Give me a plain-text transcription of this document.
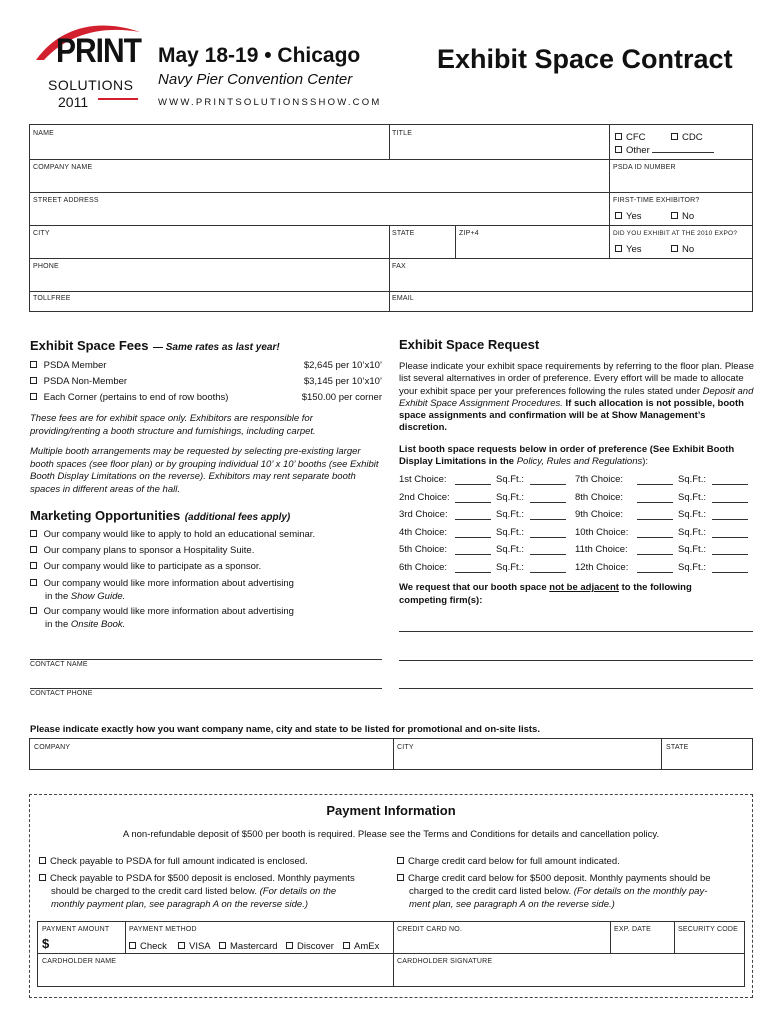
PRINT
SOLUTIONS
2011
May 18-19 • Chicago
Navy Pier Convention Center
WWW.PRINTSOLUTIONSSHOW.COM
Exhibit Space Contract
NAME	TITLE	CFC	CDC
Other
COMPANY NAME	PSDA ID NUMBER
STREET ADDRESS	FIRST-TIME EXHIBITOR?
Yes	No
CITY	STATE	ZIP+4	DID YOU EXHIBIT AT THE 2010 EXPO?
Yes	No
PHONE	FAX
TOLLFREE	EMAIL
Exhibit Space Fees — Same rates as last year!
PSDA Member	$2,645 per 10’x10’
PSDA Non-Member	$3,145 per 10’x10’
Each Corner (pertains to end of row booths)	$150.00 per corner
These fees are for exhibit space only. Exhibitors are responsible for providing/renting a booth structure and furnishings, including carpet.
Multiple booth arrangements may be requested by selecting pre-existing larger booth spaces (see floor plan) or by grouping individual 10’ x 10’ booths (see Exhibit Booth Display Limitations on the reverse). Exhibitors may rent separate booth spaces in different areas of the hall.
Marketing Opportunities (additional fees apply)
Our company would like to apply to hold an educational seminar.
Our company plans to sponsor a Hospitality Suite.
Our company would like to participate as a sponsor.
Our company would like more information about advertising
in the Show Guide.
Our company would like more information about advertising
in the Onsite Book.
Exhibit Space Request
Please indicate your exhibit space requirements by referring to the floor plan. Please list several alternatives in order of preference. Every effort will be made to allocate your exhibit space per your preferences following the rules stated under Deposit and Exhibit Space Assignment Procedures. If such allocation is not possible, booth space assignments and confirmation will be at Show Management’s discretion.
List booth space requests below in order of preference (See Exhibit Booth Display Limitations in the Policy, Rules and Regulations):
1st Choice:	Sq.Ft.:	7th Choice:	Sq.Ft.:
2nd Choice:	Sq.Ft.:	8th Choice:	Sq.Ft.:
3rd Choice:	Sq.Ft.:	9th Choice:	Sq.Ft.:
4th Choice:	Sq.Ft.:	10th Choice:	Sq.Ft.:
5th Choice:	Sq.Ft.:	11th Choice:	Sq.Ft.:
6th Choice:	Sq.Ft.:	12th Choice:	Sq.Ft.:
We request that our booth space not be adjacent to the following competing firm(s):
CONTACT NAME
CONTACT PHONE
Please indicate exactly how you want company name, city and state to be listed for promotional and on-site lists.
COMPANY	CITY	STATE
Payment Information
A non-refundable deposit of $500 per booth is required. Please see the Terms and Conditions for details and cancellation policy.
Check payable to PSDA for full amount indicated is enclosed.
Check payable to PSDA for $500 deposit is enclosed. Monthly payments
should be charged to the credit card listed below. (For details on the
monthly payment plan, see paragraph A on the reverse side.)
Charge credit card below for full amount indicated.
Charge credit card below for $500 deposit. Monthly payments should be
charged to the credit card listed below. (For details on the monthly pay-
ment plan, see paragraph A on the reverse side.)
PAYMENT AMOUNT
$
PAYMENT METHOD
Check	VISA	Mastercard	Discover	AmEx
CREDIT CARD NO.	EXP. DATE	SECURITY CODE
CARDHOLDER NAME	CARDHOLDER SIGNATURE
